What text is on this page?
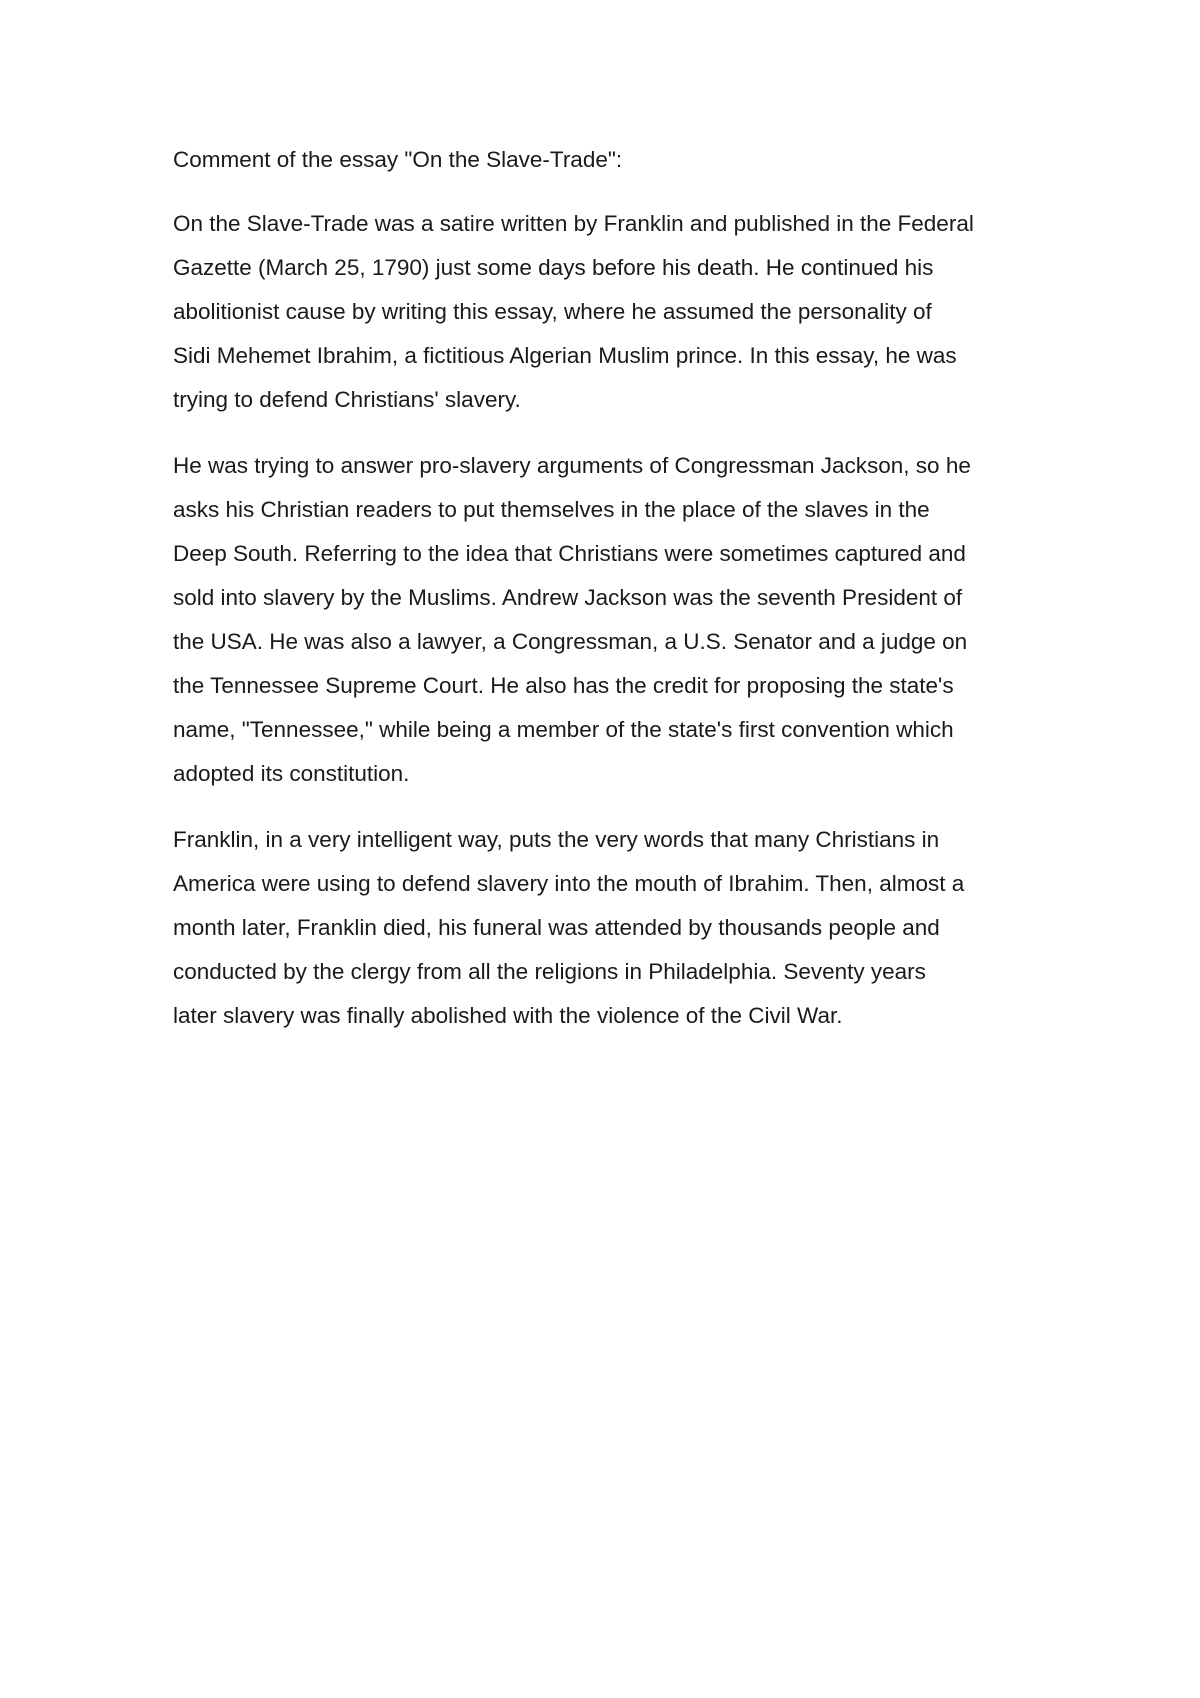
Comment of the essay "On the Slave-Trade":
On the Slave-Trade was a satire written by Franklin and published in the Federal
Gazette (March 25, 1790) just some days before his death. He continued his
abolitionist cause by writing this essay, where he assumed the personality of
Sidi Mehemet Ibrahim, a fictitious Algerian Muslim prince. In this essay, he was
trying to defend Christians' slavery.
He was trying to answer pro-slavery arguments of Congressman Jackson, so he
asks his Christian readers to put themselves in the place of the slaves in the
Deep South. Referring to the idea that Christians were sometimes captured and
sold into slavery by the Muslims. Andrew Jackson was the seventh President of
the USA. He was also a lawyer, a Congressman, a U.S. Senator and a judge on
the Tennessee Supreme Court. He also has the credit for proposing the state's
name, "Tennessee," while being a member of the state's first convention which
adopted its constitution.
Franklin, in a very intelligent way, puts the very words that many Christians in
America were using to defend slavery into the mouth of Ibrahim. Then, almost a
month later, Franklin died, his funeral was attended by thousands people and
conducted by the clergy from all the religions in Philadelphia. Seventy years
later slavery was finally abolished with the violence of the Civil War.
